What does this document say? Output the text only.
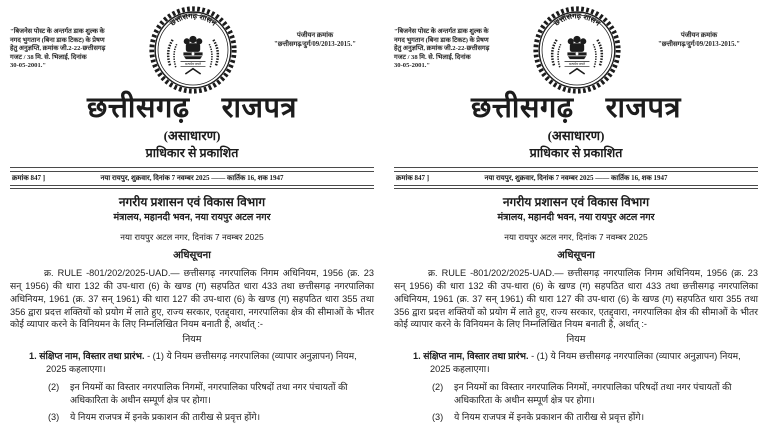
"बिजनेस पोस्ट के अन्तर्गत डाक शुल्क के
नगद भुगतान (बिना डाक टिकट) के प्रेषण
हेतु अनुज्ञप्ति, क्रमांक जी.2-22-छत्तीसगढ़
गजट / 38 मि. से. भिलाई, दिनांक
30-05-2001."
छत्तीसगढ़ शासन
सत्यमेव जयते
पंजीयन क्रमांक
"छत्तीसगढ़/दुर्ग/09/2013-2015."
छत्तीसगढ़ राजपत्र
(असाधारण)
प्राधिकार से प्रकाशित
क्रमांक 847 ]	नया रायपुर, शुक्रवार, दिनांक 7 नवम्बर 2025 —— कार्तिक 16, शक 1947
नगरीय प्रशासन एवं विकास विभाग
मंत्रालय, महानदी भवन, नया रायपुर अटल नगर
नया रायपुर अटल नगर, दिनांक 7 नवम्बर 2025
अधिसूचना
क्र. RULE -801/202/2025-UAD.— छत्तीसगढ़ नगरपालिक निगम अधिनियम, 1956 (क्र. 23 सन् 1956) की धारा 132 की उप-धारा (6) के खण्ड (ग) सहपठित धारा 433 तथा छत्तीसगढ़ नगरपालिका अधिनियम, 1961 (क्र. 37 सन् 1961) की धारा 127 की उप-धारा (6) के खण्ड (ग) सहपठित धारा 355 तथा 356 द्वारा प्रदत्त शक्तियों को प्रयोग में लाते हुए, राज्य सरकार, एतद्द्वारा, नगरपालिका क्षेत्र की सीमाओं के भीतर कोई व्यापार करने के विनियमन के लिए निम्नलिखित नियम बनाती है, अर्थात् :-
नियम
1. संक्षिप्त नाम, विस्तार तथा प्रारंभ. - (1) ये नियम छत्तीसगढ़ नगरपालिका (व्यापार अनुज्ञापन) नियम, 2025 कहलाएगा।
(2)	इन नियमों का विस्तार नगरपालिक निगमों, नगरपालिका परिषदों तथा नगर पंचायतों की अधिकारिता के अधीन सम्पूर्ण क्षेत्र पर होगा।
(3)	ये नियम राजपत्र में इनके प्रकाशन की तारीख से प्रवृत्त होंगे।
"बिजनेस पोस्ट के अन्तर्गत डाक शुल्क के
नगद भुगतान (बिना डाक टिकट) के प्रेषण
हेतु अनुज्ञप्ति, क्रमांक जी.2-22-छत्तीसगढ़
गजट / 38 मि. से. भिलाई, दिनांक
30-05-2001."
छत्तीसगढ़ शासन
सत्यमेव जयते
पंजीयन क्रमांक
"छत्तीसगढ़/दुर्ग/09/2013-2015."
छत्तीसगढ़ राजपत्र
(असाधारण)
प्राधिकार से प्रकाशित
क्रमांक 847 ]	नया रायपुर, शुक्रवार, दिनांक 7 नवम्बर 2025 —— कार्तिक 16, शक 1947
नगरीय प्रशासन एवं विकास विभाग
मंत्रालय, महानदी भवन, नया रायपुर अटल नगर
नया रायपुर अटल नगर, दिनांक 7 नवम्बर 2025
अधिसूचना
क्र. RULE -801/202/2025-UAD.— छत्तीसगढ़ नगरपालिक निगम अधिनियम, 1956 (क्र. 23 सन् 1956) की धारा 132 की उप-धारा (6) के खण्ड (ग) सहपठित धारा 433 तथा छत्तीसगढ़ नगरपालिका अधिनियम, 1961 (क्र. 37 सन् 1961) की धारा 127 की उप-धारा (6) के खण्ड (ग) सहपठित धारा 355 तथा 356 द्वारा प्रदत्त शक्तियों को प्रयोग में लाते हुए, राज्य सरकार, एतद्द्वारा, नगरपालिका क्षेत्र की सीमाओं के भीतर कोई व्यापार करने के विनियमन के लिए निम्नलिखित नियम बनाती है, अर्थात् :-
नियम
1. संक्षिप्त नाम, विस्तार तथा प्रारंभ. - (1) ये नियम छत्तीसगढ़ नगरपालिका (व्यापार अनुज्ञापन) नियम, 2025 कहलाएगा।
(2)	इन नियमों का विस्तार नगरपालिक निगमों, नगरपालिका परिषदों तथा नगर पंचायतों की अधिकारिता के अधीन सम्पूर्ण क्षेत्र पर होगा।
(3)	ये नियम राजपत्र में इनके प्रकाशन की तारीख से प्रवृत्त होंगे।
